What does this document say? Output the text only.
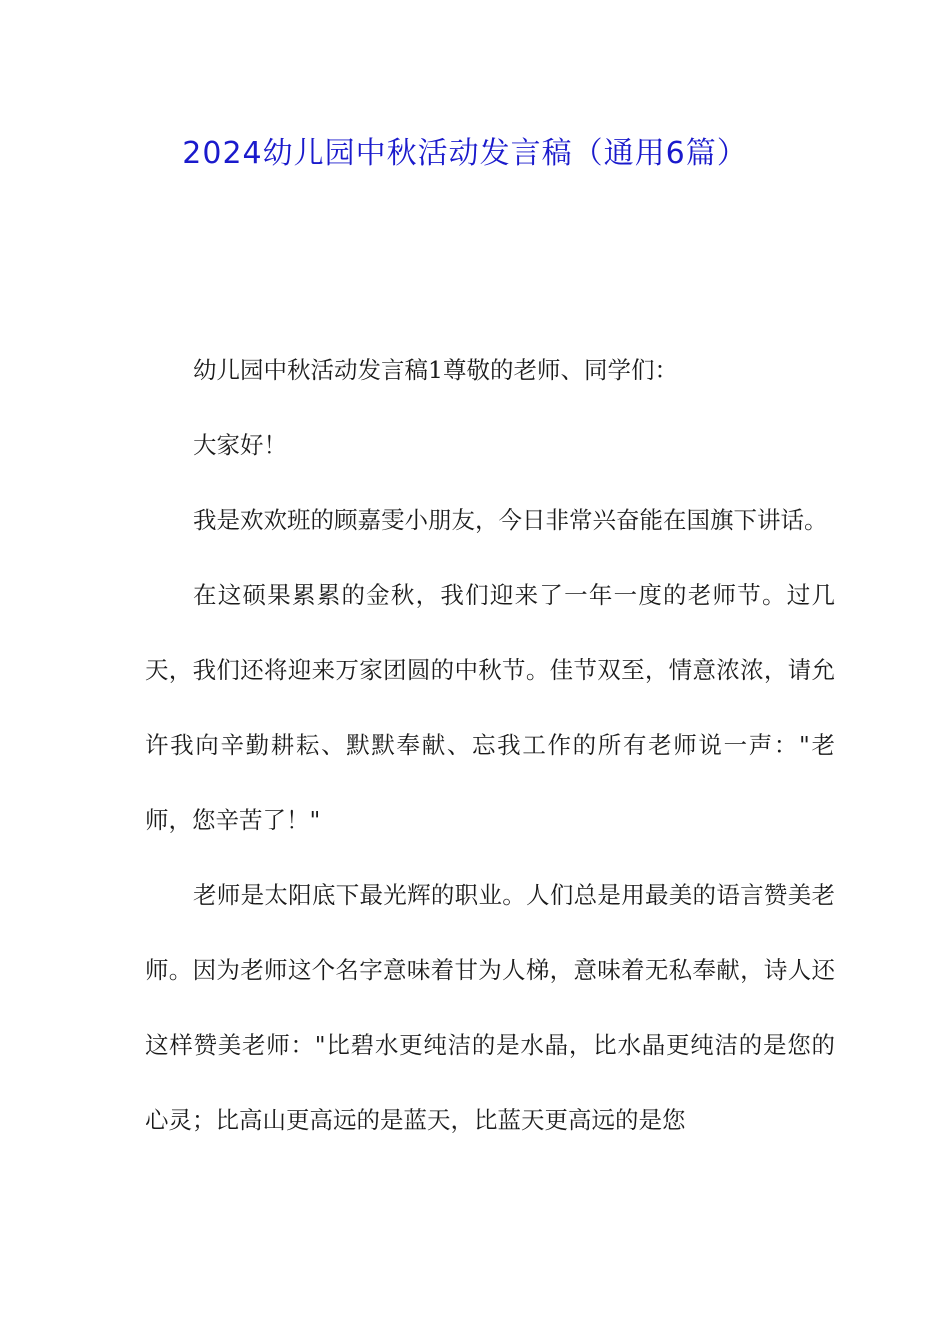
2024幼儿园中秋活动发言稿（通用6篇）

幼儿园中秋活动发言稿1尊敬的老师、同学们：

大家好！

我是欢欢班的顾嘉雯小朋友，今日非常兴奋能在国旗下讲话。

在这硕果累累的金秋，我们迎来了一年一度的老师节。过几天，我们还将迎来万家团圆的中秋节。佳节双至，情意浓浓，请允许我向辛勤耕耘、默默奉献、忘我工作的所有老师说一声："老师，您辛苦了！"

老师是太阳底下最光辉的职业。人们总是用最美的语言赞美老师。因为老师这个名字意味着甘为人梯，意味着无私奉献，诗人还这样赞美老师："比碧水更纯洁的是水晶，比水晶更纯洁的是您的心灵；比高山更高远的是蓝天，比蓝天更高远的是您
